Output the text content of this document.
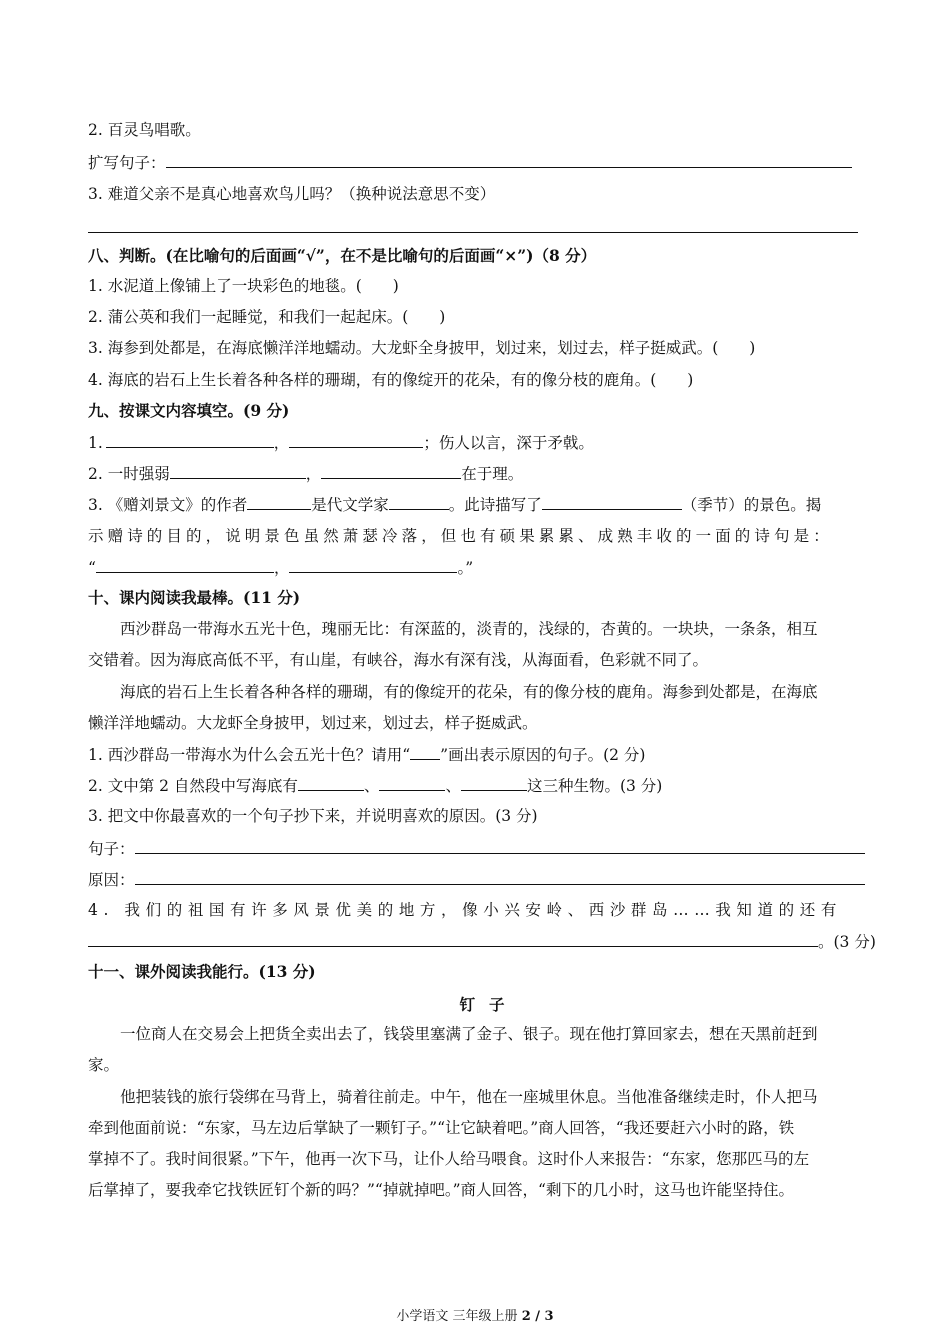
2. 百灵鸟唱歌。
扩写句子：
3. 难道父亲不是真心地喜欢鸟儿吗？（换种说法意思不变）
八、判断。(在比喻句的后面画“√”，在不是比喻句的后面画“×”)（8 分）
1. 水泥道上像铺上了一块彩色的地毯。(　　)
2. 蒲公英和我们一起睡觉，和我们一起起床。(　　)
3. 海参到处都是，在海底懒洋洋地蠕动。大龙虾全身披甲，划过来，划过去，样子挺威武。(　　)
4. 海底的岩石上生长着各种各样的珊瑚，有的像绽开的花朵，有的像分枝的鹿角。(　　)
九、按课文内容填空。(9 分)
1.	，	；伤人以言，深于矛戟。
2. 一时强弱	，	在于理。
3. 《赠刘景文》的作者	是代文学家	。此诗描写了	（季节）的景色。揭
示赠诗的目的，说明景色虽然萧瑟冷落，但也有硕果累累、成熟丰收的一面的诗句是：
“	，	。”
十、课内阅读我最棒。(11 分)
西沙群岛一带海水五光十色，瑰丽无比：有深蓝的，淡青的，浅绿的，杏黄的。一块块，一条条，相互
交错着。因为海底高低不平，有山崖，有峡谷，海水有深有浅，从海面看，色彩就不同了。
海底的岩石上生长着各种各样的珊瑚，有的像绽开的花朵，有的像分枝的鹿角。海参到处都是，在海底
懒洋洋地蠕动。大龙虾全身披甲，划过来，划过去，样子挺威武。
1. 西沙群岛一带海水为什么会五光十色？请用“ ”画出表示原因的句子。(2 分)
2. 文中第 2 自然段中写海底有	、	、	这三种生物。(3 分)
3. 把文中你最喜欢的一个句子抄下来，并说明喜欢的原因。(3 分)
句子：
原因：
4. 我们的祖国有许多风景优美的地方，像小兴安岭、西沙群岛……我知道的还有
。(3 分)
十一、课外阅读我能行。(13 分)
钉子
一位商人在交易会上把货全卖出去了，钱袋里塞满了金子、银子。现在他打算回家去，想在天黑前赶到
家。
他把装钱的旅行袋绑在马背上，骑着往前走。中午，他在一座城里休息。当他准备继续走时，仆人把马
牵到他面前说：“东家，马左边后掌缺了一颗钉子。”“让它缺着吧。”商人回答，“我还要赶六小时的路，铁
掌掉不了。我时间很紧。”下午，他再一次下马，让仆人给马喂食。这时仆人来报告：“东家，您那匹马的左
后掌掉了，要我牵它找铁匠钉个新的吗？”“掉就掉吧。”商人回答，“剩下的几小时，这马也许能坚持住。
小学语文 三年级上册 2 / 3
